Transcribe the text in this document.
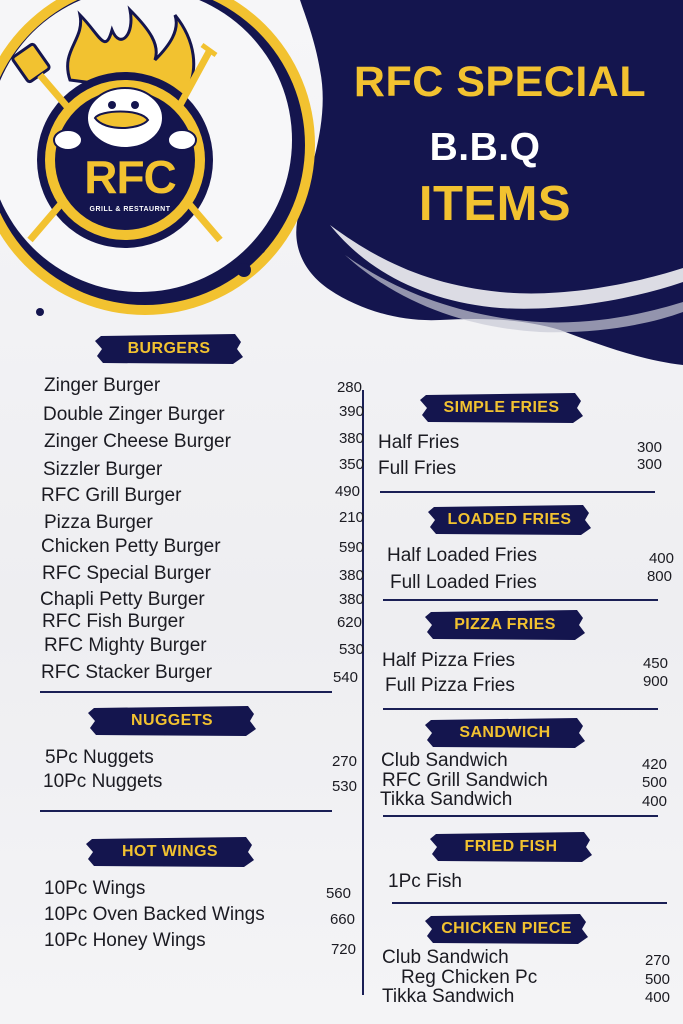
RFC SPECIAL
B.B.Q
ITEMS
RFC
GRILL & RESTAURNT
BURGERS
Zinger Burger	280
Double Zinger Burger	390
Zinger Cheese Burger	380
Sizzler Burger	350
RFC Grill Burger	490
Pizza Burger	210
Chicken Petty Burger	590
RFC Special Burger	380
Chapli Petty Burger	380
RFC Fish Burger	620
RFC Mighty Burger	530
RFC Stacker Burger	540
NUGGETS
5Pc Nuggets	270
10Pc Nuggets	530
HOT WINGS
10Pc Wings	560
10Pc Oven Backed Wings	660
10Pc Honey Wings	720
SIMPLE FRIES
Half Fries	300
Full Fries	300
LOADED FRIES
Half Loaded Fries	400
Full Loaded Fries	800
PIZZA FRIES
Half Pizza Fries	450
Full Pizza Fries	900
SANDWICH
Club Sandwich	420
RFC Grill Sandwich	500
Tikka Sandwich	400
FRIED FISH
1Pc Fish
CHICKEN PIECE
Club Sandwich	270
Reg Chicken Pc	500
Tikka Sandwich	400
